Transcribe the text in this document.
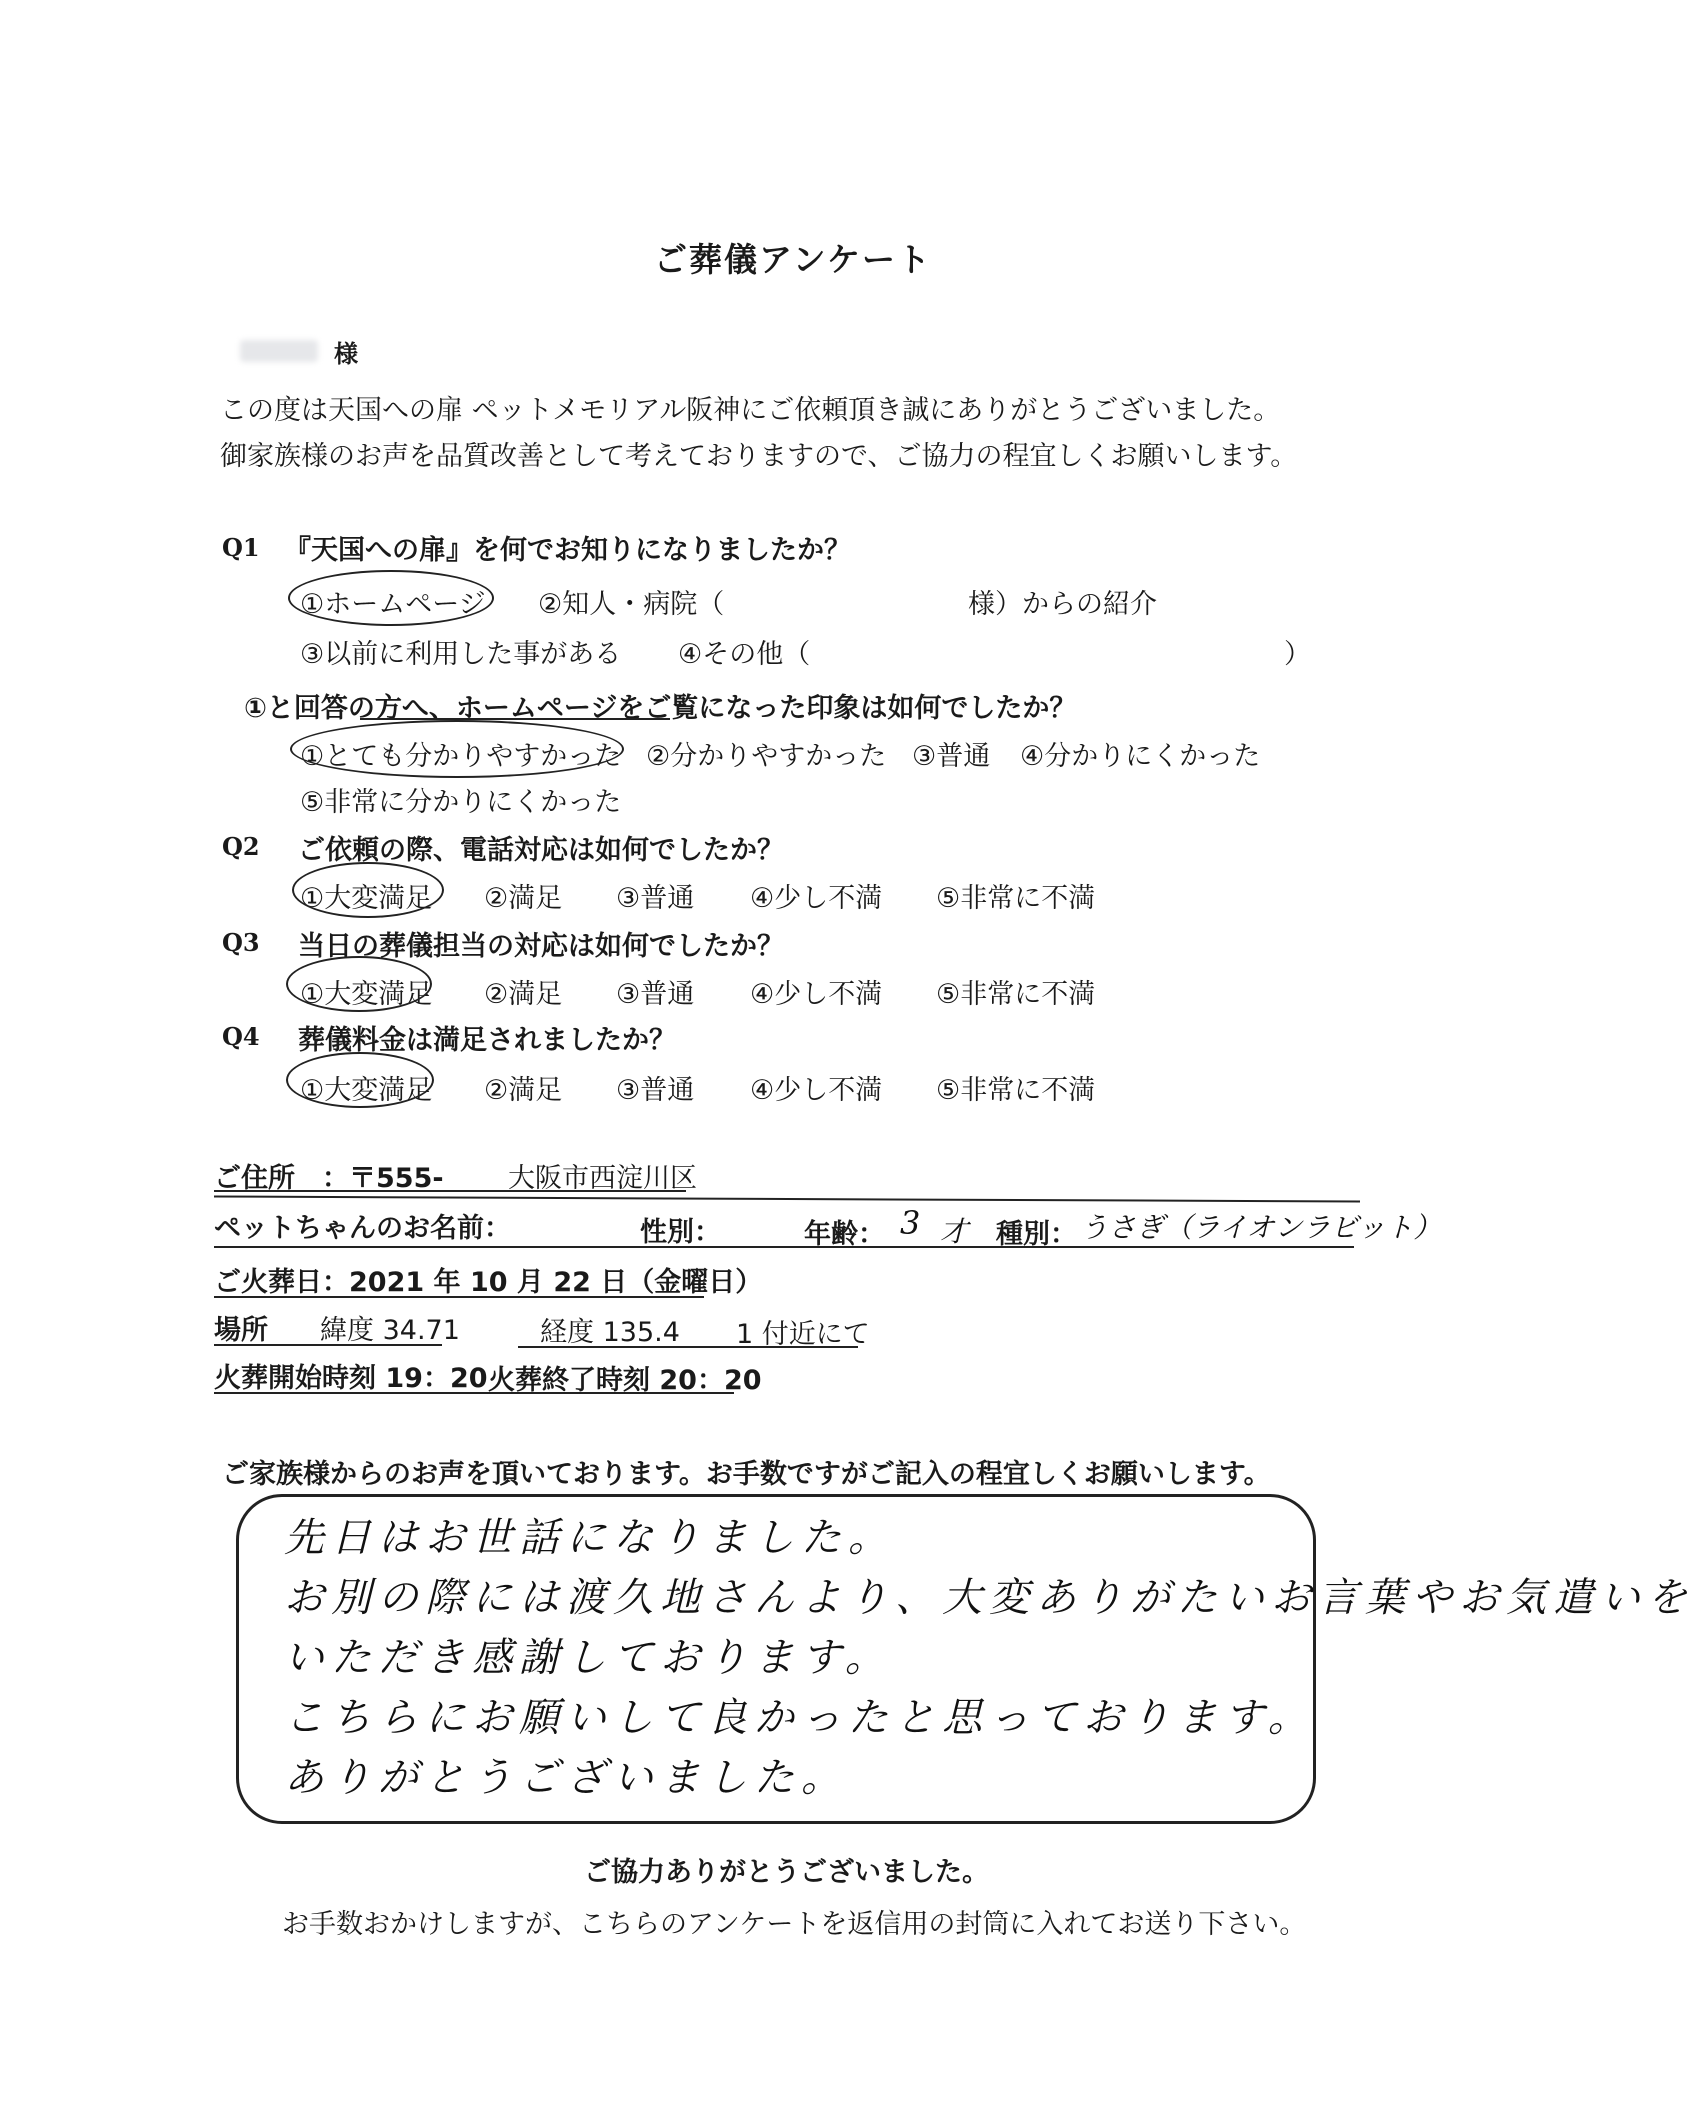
ご葬儀アンケート
様
この度は天国への扉 ペットメモリアル阪神にご依頼頂き誠にありがとうございました。
御家族様のお声を品質改善として考えておりますので、ご協力の程宜しくお願いします。
Q1 『天国への扉』を何でお知りになりましたか？
①ホームページ ②知人・病院（	様）からの紹介
③以前に利用した事がある ④その他（	）
①と回答の方へ、ホームページをご覧になった印象は如何でしたか？
①とても分かりやすかった ②分かりやすかった ③普通 ④分かりにくかった
⑤非常に分かりにくかった
Q2 ご依頼の際、電話対応は如何でしたか？
①大変満足 ②満足 ③普通 ④少し不満 ⑤非常に不満
Q3 当日の葬儀担当の対応は如何でしたか？
①大変満足 ②満足 ③普通 ④少し不満 ⑤非常に不満
Q4 葬儀料金は満足されましたか？
①大変満足 ②満足 ③普通 ④少し不満 ⑤非常に不満
ご住所　：〒555- 大阪市西淀川区
ペットちゃんのお名前：	性別：	年齢： 3 才 種別： うさぎ（ライオンラビット）
ご火葬日：2021 年 10 月 22 日（金曜日）
場所 緯度 34.71	経度 135.4 1 付近にて
火葬開始時刻 19：20 火葬終了時刻 20：20
ご家族様からのお声を頂いております。お手数ですがご記入の程宜しくお願いします。
先日はお世話になりました。
お別の際には渡久地さんより、大変ありがたいお言葉やお気遣いを
いただき感謝しております。
こちらにお願いして良かったと思っております。
ありがとうございました。
ご協力ありがとうございました。
お手数おかけしますが、こちらのアンケートを返信用の封筒に入れてお送り下さい。
